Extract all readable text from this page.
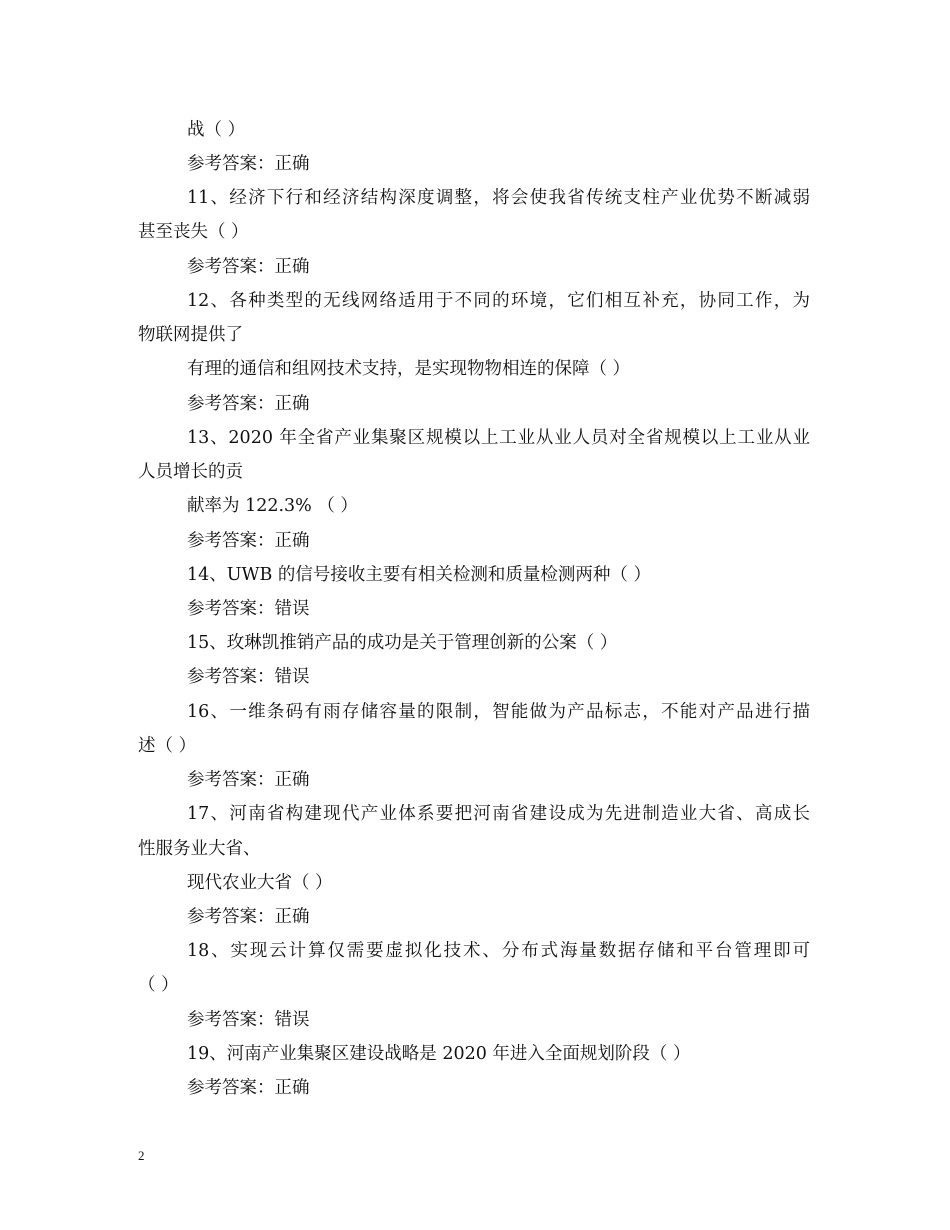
战（ ）
参考答案：正确
11、经济下行和经济结构深度调整，将会使我省传统支柱产业优势不断减弱
甚至丧失（ ）
参考答案：正确
12、各种类型的无线网络适用于不同的环境，它们相互补充，协同工作，为
物联网提供了
有理的通信和组网技术支持，是实现物物相连的保障（ ）
参考答案：正确
13、2020 年全省产业集聚区规模以上工业从业人员对全省规模以上工业从业
人员增长的贡
献率为 122.3% （ ）
参考答案：正确
14、UWB 的信号接收主要有相关检测和质量检测两种（ ）
参考答案：错误
15、玫琳凯推销产品的成功是关于管理创新的公案（ ）
参考答案：错误
16、一维条码有雨存储容量的限制，智能做为产品标志，不能对产品进行描
述（ ）
参考答案：正确
17、河南省构建现代产业体系要把河南省建设成为先进制造业大省、高成长
性服务业大省、
现代农业大省（ ）
参考答案：正确
18、实现云计算仅需要虚拟化技术、分布式海量数据存储和平台管理即可
（ ）
参考答案：错误
19、河南产业集聚区建设战略是 2020 年进入全面规划阶段（ ）
参考答案：正确
2
